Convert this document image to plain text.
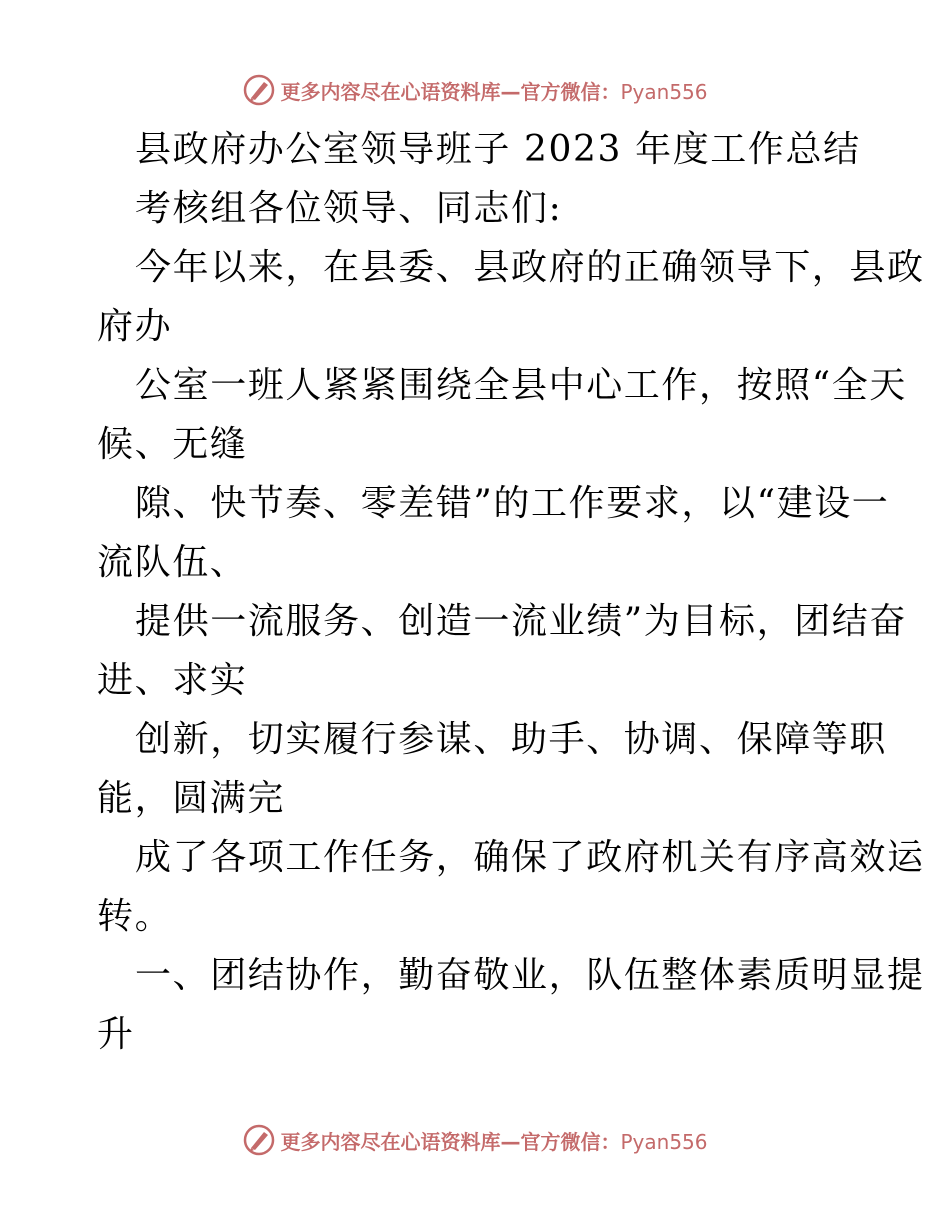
更多内容尽在心语资料库—官方微信：Pyan556
县政府办公室领导班子 2023 年度工作总结
考核组各位领导、同志们:
今年以来，在县委、县政府的正确领导下，县政
府办
公室一班人紧紧围绕全县中心工作，按照“全天
候、无缝
隙、快节奏、零差错”的工作要求，以“建设一
流队伍、
提供一流服务、创造一流业绩”为目标，团结奋
进、求实
创新，切实履行参谋、助手、协调、保障等职
能，圆满完
成了各项工作任务，确保了政府机关有序高效运
转。
一、团结协作，勤奋敬业，队伍整体素质明显提
升
更多内容尽在心语资料库—官方微信：Pyan556
